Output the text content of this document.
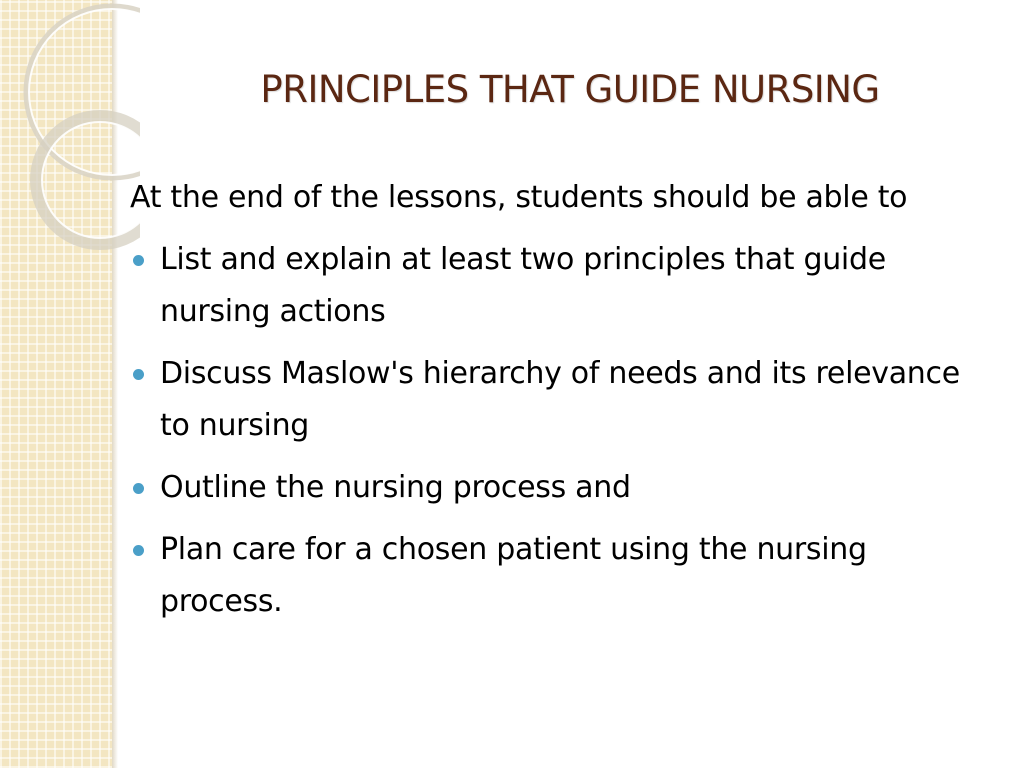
PRINCIPLES THAT GUIDE NURSING

At the end of the lessons, students should be able to

List and explain at least two principles that guide nursing actions
Discuss Maslow's hierarchy of needs and its relevance to nursing
Outline the nursing process and
Plan care for a chosen patient using the nursing process.
